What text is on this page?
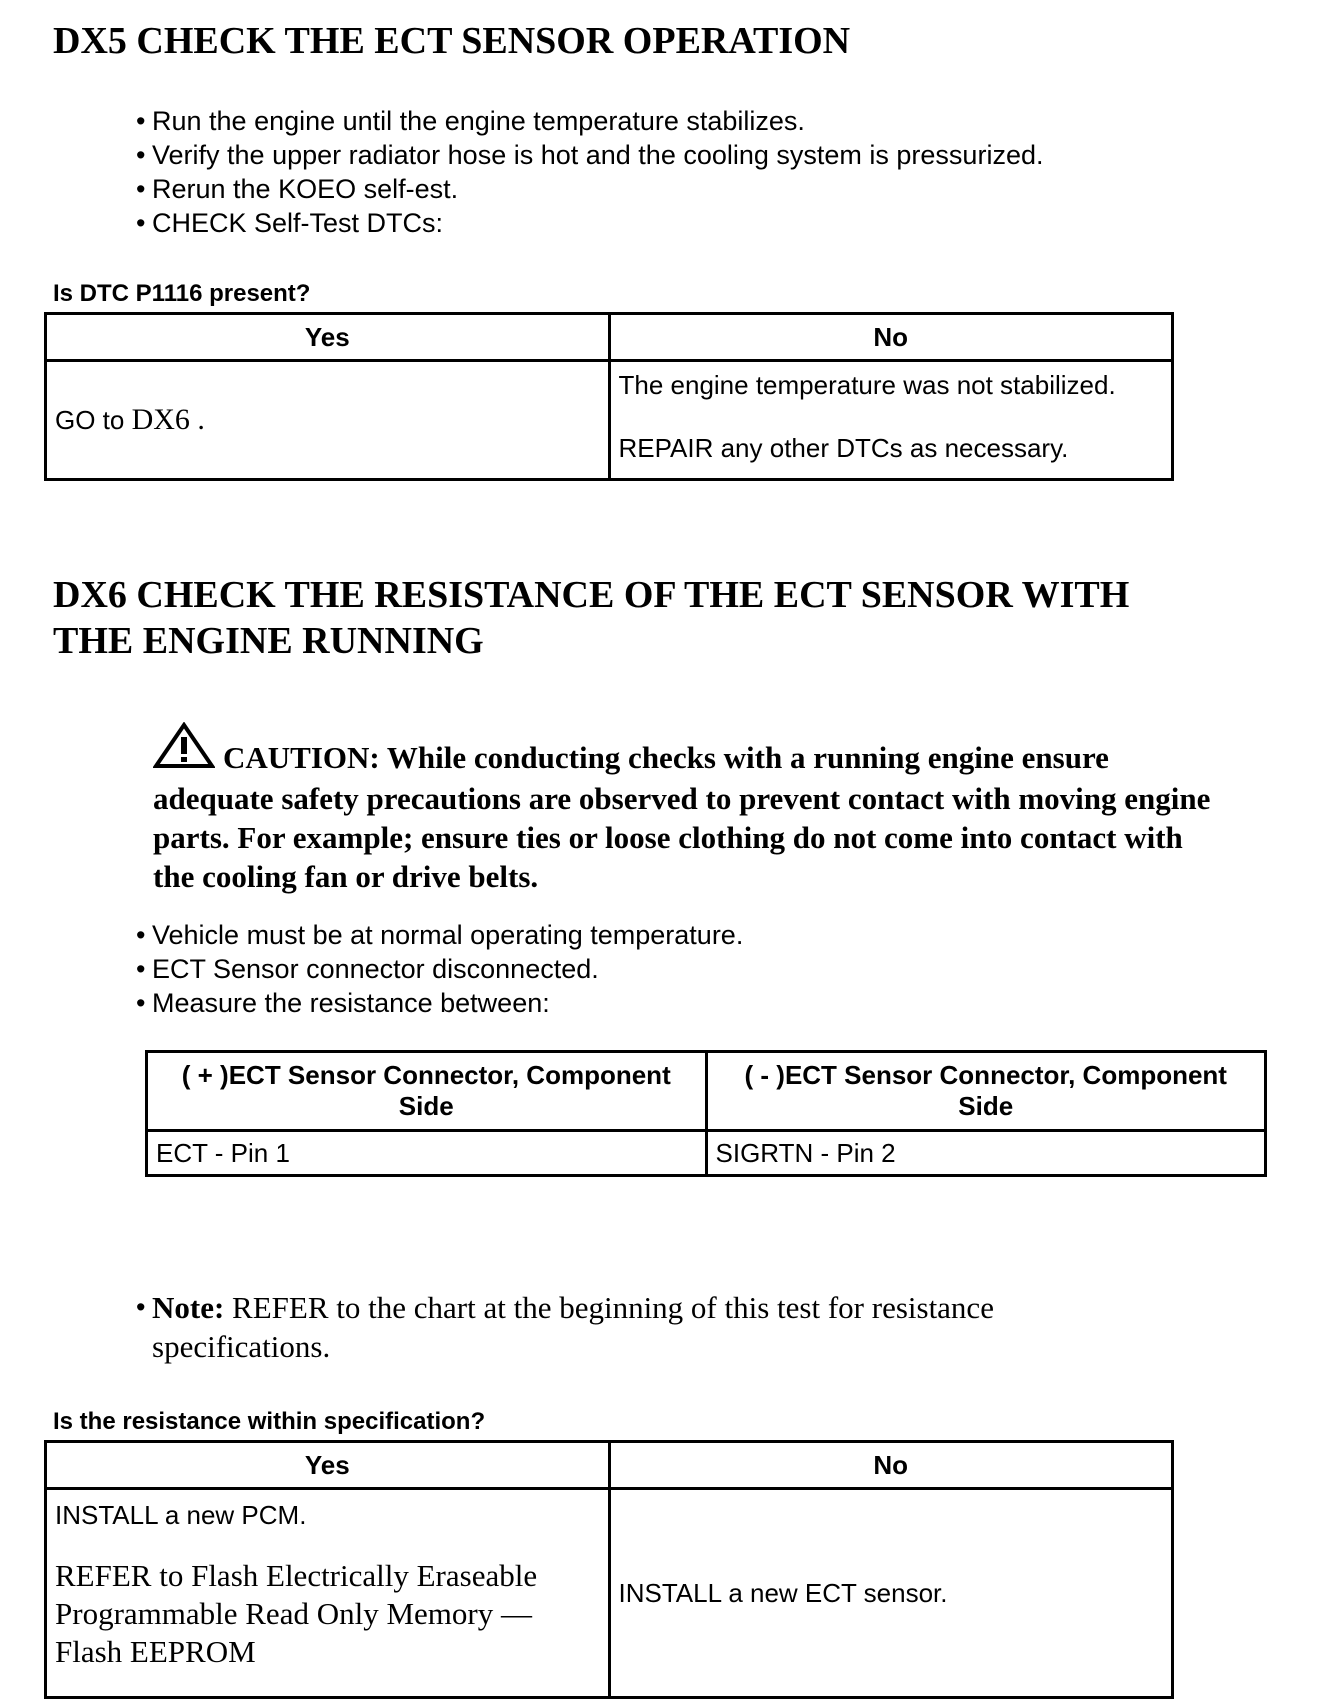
DX5 CHECK THE ECT SENSOR OPERATION
• Run the engine until the engine temperature stabilizes.
• Verify the upper radiator hose is hot and the cooling system is pressurized.
• Rerun the KOEO self-est.
• CHECK Self-Test DTCs:

Is DTC P1116 present?

Yes	No
GO to DX6 .	The engine temperature was not stabilized.
REPAIR any other DTCs as necessary.
DX6 CHECK THE RESISTANCE OF THE ECT SENSOR WITH
THE ENGINE RUNNING

CAUTION: While conducting checks with a running engine ensure adequate safety precautions are observed to prevent contact with moving engine parts. For example; ensure ties or loose clothing do not come into contact with the cooling fan or drive belts.

• Vehicle must be at normal operating temperature.
• ECT Sensor connector disconnected.
• Measure the resistance between:
( + )ECT Sensor Connector, Component Side	( - )ECT Sensor Connector, Component Side
ECT - Pin 1	SIGRTN - Pin 2
• Note: REFER to the chart at the beginning of this test for resistance specifications.

Is the resistance within specification?

Yes	No

INSTALL a new PCM.
REFER to Flash Electrically Eraseable Programmable Read Only Memory — Flash EEPROM	INSTALL a new ECT sensor.
